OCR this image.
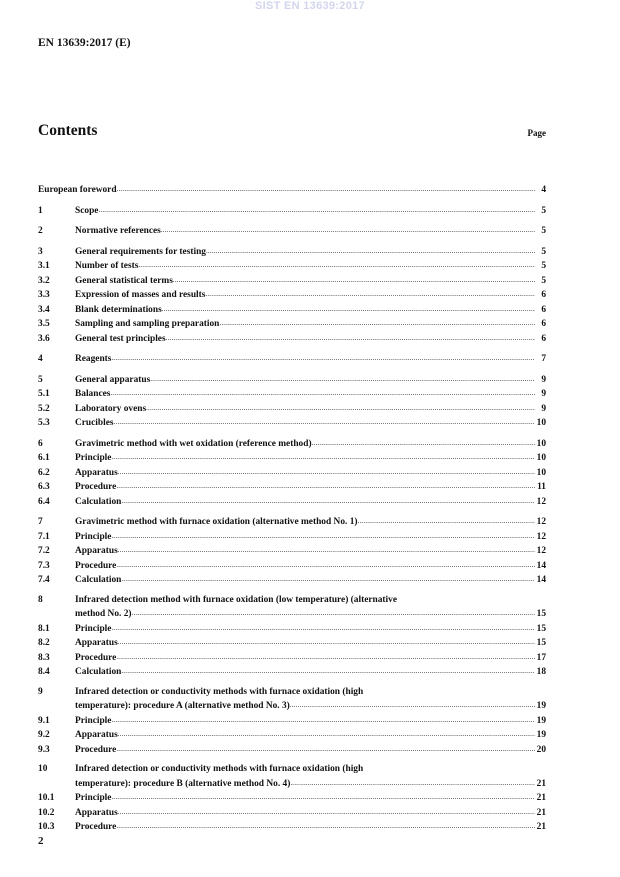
SIST EN 13639:2017
EN 13639:2017 (E)
Contents	Page
European foreword .....	4
1	Scope .....	5
2	Normative references .....	5
3	General requirements for testing .....	5
3.1	Number of tests .....	5
3.2	General statistical terms .....	5
3.3	Expression of masses and results .....	6
3.4	Blank determinations .....	6
3.5	Sampling and sampling preparation .....	6
3.6	General test principles .....	6
4	Reagents .....	7
5	General apparatus .....	9
5.1	Balances .....	9
5.2	Laboratory ovens .....	9
5.3	Crucibles .....	10
6	Gravimetric method with wet oxidation (reference method) .....	10
6.1	Principle .....	10
6.2	Apparatus .....	10
6.3	Procedure .....	11
6.4	Calculation .....	12
7	Gravimetric method with furnace oxidation (alternative method No. 1) .....	12
7.1	Principle .....	12
7.2	Apparatus .....	12
7.3	Procedure .....	14
7.4	Calculation .....	14
8	Infrared detection method with furnace oxidation (low temperature) (alternative
method No. 2) .....	15
8.1	Principle .....	15
8.2	Apparatus .....	15
8.3	Procedure .....	17
8.4	Calculation .....	18
9	Infrared detection or conductivity methods with furnace oxidation (high
temperature): procedure A (alternative method No. 3) .....	19
9.1	Principle .....	19
9.2	Apparatus .....	19
9.3	Procedure .....	20
10	Infrared detection or conductivity methods with furnace oxidation (high
temperature): procedure B (alternative method No. 4) .....	21
10.1	Principle .....	21
10.2	Apparatus .....	21
10.3	Procedure .....	21
2
